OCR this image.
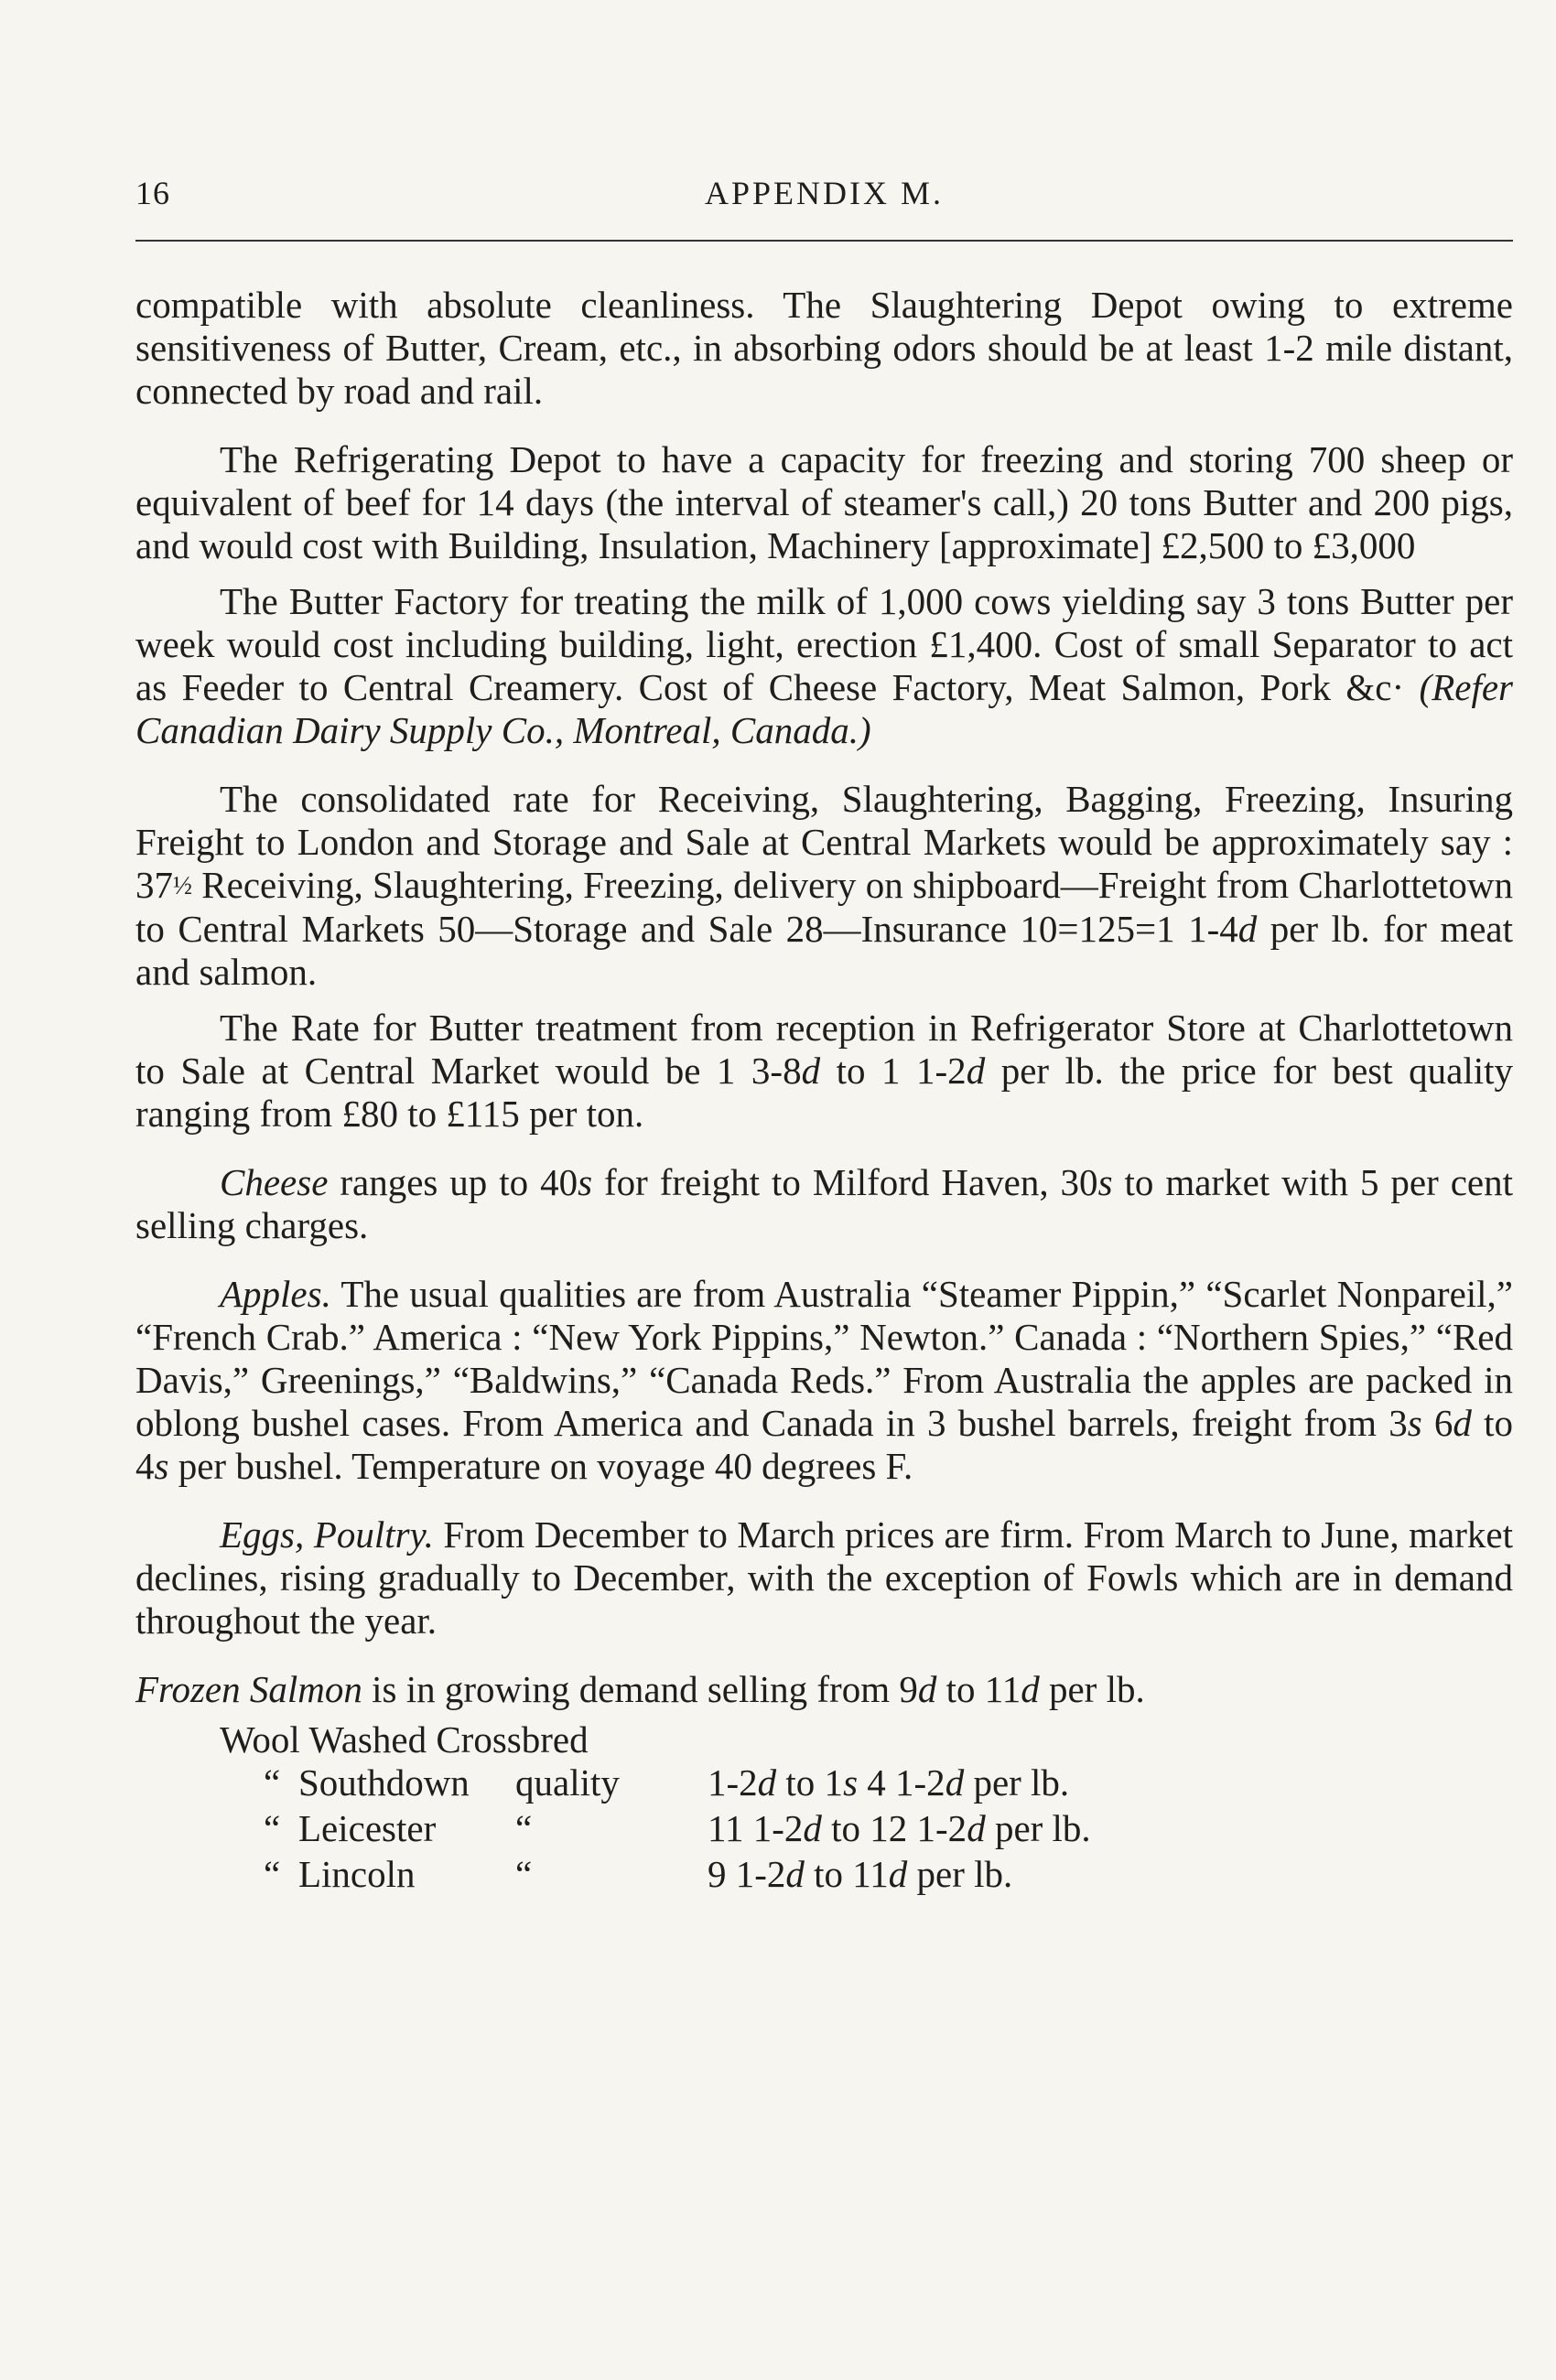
16	APPENDIX M.

compatible with absolute cleanliness. The Slaughtering Depot owing to extreme sensitiveness of Butter, Cream, etc., in absorbing odors should be at least 1-2 mile distant, connected by road and rail.

The Refrigerating Depot to have a capacity for freezing and storing 700 sheep or equivalent of beef for 14 days (the interval of steamer's call,) 20 tons Butter and 200 pigs, and would cost with Building, Insulation, Machinery [approximate] £2,500 to £3,000

The Butter Factory for treating the milk of 1,000 cows yielding say 3 tons Butter per week would cost including building, light, erection £1,400. Cost of small Separator to act as Feeder to Central Creamery. Cost of Cheese Factory, Meat Salmon, Pork &c· (Refer Canadian Dairy Supply Co., Montreal, Canada.)

The consolidated rate for Receiving, Slaughtering, Bagging, Freezing, Insuring Freight to London and Storage and Sale at Central Markets would be approximately say : 37½ Receiving, Slaughtering, Freezing, delivery on shipboard—Freight from Charlottetown to Central Markets 50—Storage and Sale 28—Insurance 10=125=1 1-4d per lb. for meat and salmon.

The Rate for Butter treatment from reception in Refrigerator Store at Charlottetown to Sale at Central Market would be 1 3-8d to 1 1-2d per lb. the price for best quality ranging from £80 to £115 per ton.

Cheese ranges up to 40s for freight to Milford Haven, 30s to market with 5 per cent selling charges.

Apples. The usual qualities are from Australia “Steamer Pippin,” “Scarlet Nonpareil,” “French Crab.” America : “New York Pippins,” Newton.” Canada : “Northern Spies,” “Red Davis,” Greenings,” “Baldwins,” “Canada Reds.” From Australia the apples are packed in oblong bushel cases. From America and Canada in 3 bushel barrels, freight from 3s 6d to 4s per bushel. Temperature on voyage 40 degrees F.

Eggs, Poultry. From December to March prices are firm. From March to June, market declines, rising gradually to December, with the exception of Fowls which are in demand throughout the year.

Frozen Salmon is in growing demand selling from 9d to 11d per lb.

Wool Washed Crossbred
“ Southdown	quality	1-2d to 1s 4 1-2d per lb.
“ Leicester	“	11 1-2d to 12 1-2d per lb.
“ Lincoln	“	9 1-2d to 11d per lb.
